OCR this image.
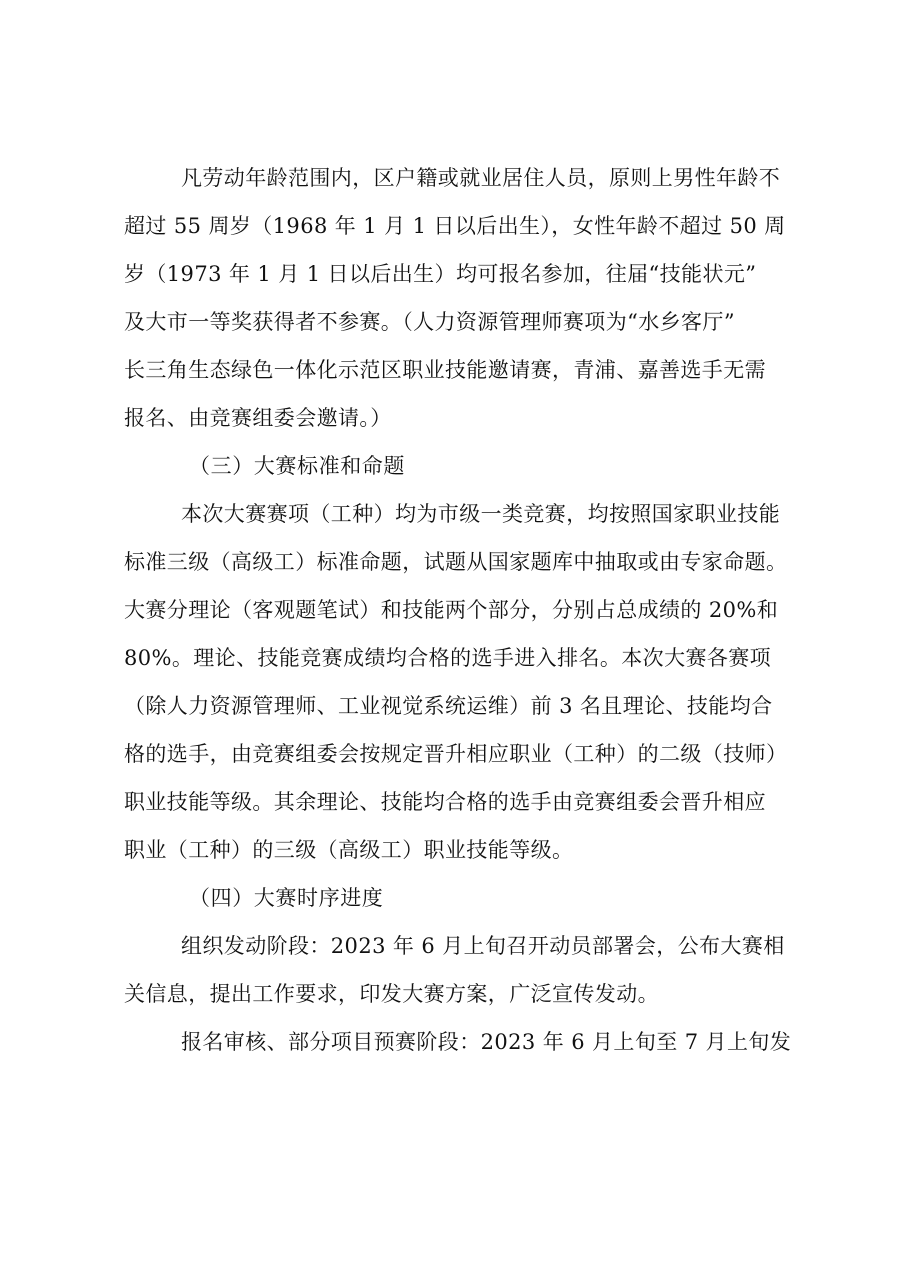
凡劳动年龄范围内，区户籍或就业居住人员，原则上男性年龄不
超过 55 周岁（1968 年 1 月 1 日以后出生），女性年龄不超过 50 周
岁（1973 年 1 月 1 日以后出生）均可报名参加，往届“技能状元”
及大市一等奖获得者不参赛。（人力资源管理师赛项为“水乡客厅”
长三角生态绿色一体化示范区职业技能邀请赛，青浦、嘉善选手无需
报名、由竞赛组委会邀请。）
（三）大赛标准和命题
本次大赛赛项（工种）均为市级一类竞赛，均按照国家职业技能
标准三级（高级工）标准命题，试题从国家题库中抽取或由专家命题。
大赛分理论（客观题笔试）和技能两个部分，分别占总成绩的 20%和
80%。理论、技能竞赛成绩均合格的选手进入排名。本次大赛各赛项
（除人力资源管理师、工业视觉系统运维）前 3 名且理论、技能均合
格的选手，由竞赛组委会按规定晋升相应职业（工种）的二级（技师）
职业技能等级。其余理论、技能均合格的选手由竞赛组委会晋升相应
职业（工种）的三级（高级工）职业技能等级。
（四）大赛时序进度
组织发动阶段：2023 年 6 月上旬召开动员部署会，公布大赛相
关信息，提出工作要求，印发大赛方案，广泛宣传发动。
报名审核、部分项目预赛阶段：2023 年 6 月上旬至 7 月上旬发
